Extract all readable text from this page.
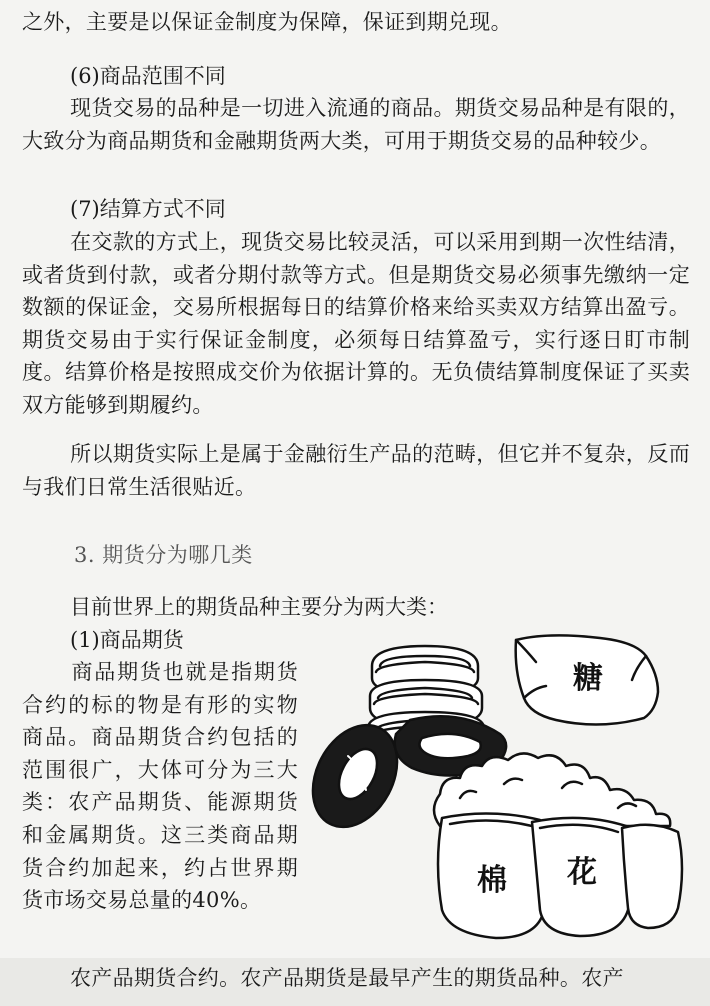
之外，主要是以保证金制度为保障，保证到期兑现。

(6)商品范围不同

现货交易的品种是一切进入流通的商品。期货交易品种是有限的，大致分为商品期货和金融期货两大类，可用于期货交易的品种较少。

(7)结算方式不同

在交款的方式上，现货交易比较灵活，可以采用到期一次性结清，或者货到付款，或者分期付款等方式。但是期货交易必须事先缴纳一定数额的保证金，交易所根据每日的结算价格来给买卖双方结算出盈亏。期货交易由于实行保证金制度，必须每日结算盈亏，实行逐日盯市制度。结算价格是按照成交价为依据计算的。无负债结算制度保证了买卖双方能够到期履约。

所以期货实际上是属于金融衍生产品的范畴，但它并不复杂，反而与我们日常生活很贴近。

3. 期货分为哪几类

目前世界上的期货品种主要分为两大类：

(1)商品期货

商品期货也就是指期货合约的标的物是有形的实物商品。商品期货合约包括的范围很广，大体可分为三大类：农产品期货、能源期货和金属期货。这三类商品期货合约加起来，约占世界期货市场交易总量的40%。

糖
棉 花

农产品期货合约。农产品期货是最早产生的期货品种。农产
